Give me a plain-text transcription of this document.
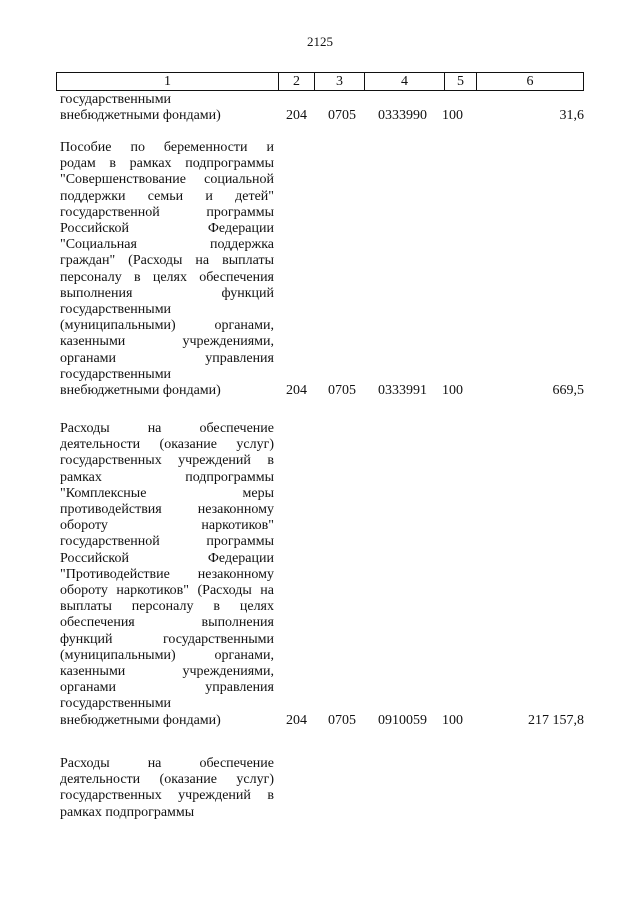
2125
1	2	3	4	5	6
государственными
внебюджетными фондами)	204 0705 0333990 100	31,6
Пособие по беременности и
родам в рамках подпрограммы
"Совершенствование социальной
поддержки семьи и детей"
государственной программы
Российской Федерации
"Социальная поддержка
граждан" (Расходы на выплаты
персоналу в целях обеспечения
выполнения функций
государственными
(муниципальными) органами,
казенными учреждениями,
органами управления
государственными
внебюджетными фондами)	204 0705 0333991 100	669,5
Расходы на обеспечение
деятельности (оказание услуг)
государственных учреждений в
рамках подпрограммы
"Комплексные меры
противодействия незаконному
обороту наркотиков"
государственной программы
Российской Федерации
"Противодействие незаконному
обороту наркотиков" (Расходы на
выплаты персоналу в целях
обеспечения выполнения
функций государственными
(муниципальными) органами,
казенными учреждениями,
органами управления
государственными
внебюджетными фондами)	204 0705 0910059 100	217 157,8
Расходы на обеспечение
деятельности (оказание услуг)
государственных учреждений в
рамках подпрограммы
